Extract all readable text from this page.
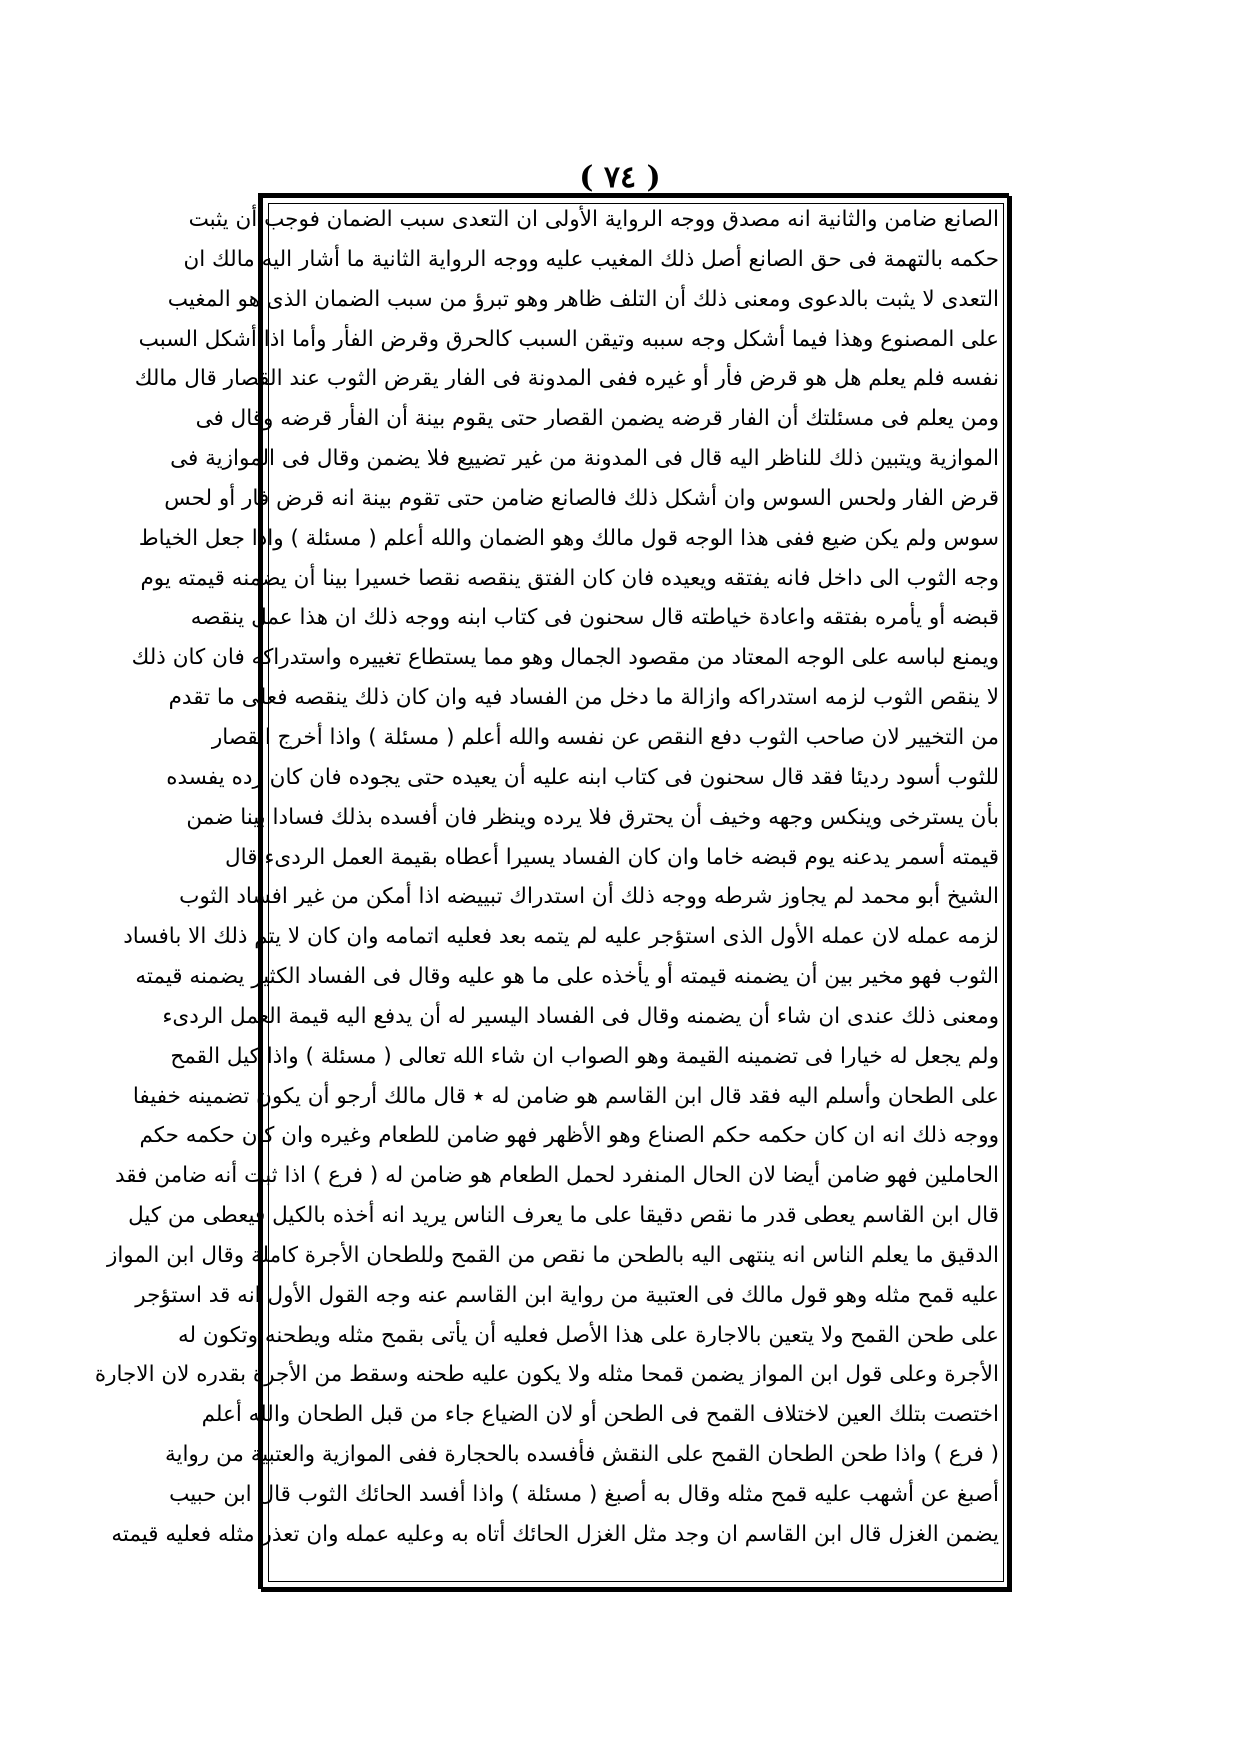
( ٧٤ )
الصانع ضامن والثانية انه مصدق ووجه الرواية الأولى ان التعدى سبب الضمان فوجب أن يثبت
حكمه بالتهمة فى حق الصانع أصل ذلك المغيب عليه ووجه الرواية الثانية ما أشار اليه مالك ان
التعدى لا يثبت بالدعوى ومعنى ذلك أن التلف ظاهر وهو تبرؤ من سبب الضمان الذى هو المغيب
على المصنوع وهذا فيما أشكل وجه سببه وتيقن السبب كالحرق وقرض الفأر وأما اذا أشكل السبب
نفسه فلم يعلم هل هو قرض فأر أو غيره ففى المدونة فى الفار يقرض الثوب عند القصار قال مالك
ومن يعلم فى مسئلتك أن الفار قرضه يضمن القصار حتى يقوم بينة أن الفأر قرضه وقال فى
الموازية ويتبين ذلك للناظر اليه قال فى المدونة من غير تضييع فلا يضمن وقال فى الموازية فى
قرض الفار ولحس السوس وان أشكل ذلك فالصانع ضامن حتى تقوم بينة انه قرض فار أو لحس
سوس ولم يكن ضيع ففى هذا الوجه قول مالك وهو الضمان والله أعلم ( مسئلة ) واذا جعل الخياط
وجه الثوب الى داخل فانه يفتقه ويعيده فان كان الفتق ينقصه نقصا خسيرا بينا أن يضمنه قيمته يوم
قبضه أو يأمره بفتقه واعادة خياطته قال سحنون فى كتاب ابنه ووجه ذلك ان هذا عمل ينقصه
ويمنع لباسه على الوجه المعتاد من مقصود الجمال وهو مما يستطاع تغييره واستدراكه فان كان ذلك
لا ينقص الثوب لزمه استدراكه وازالة ما دخل من الفساد فيه وان كان ذلك ينقصه فعلى ما تقدم
من التخيير لان صاحب الثوب دفع النقص عن نفسه والله أعلم ( مسئلة ) واذا أخرج القصار
للثوب أسود رديئا فقد قال سحنون فى كتاب ابنه عليه أن يعيده حتى يجوده فان كان رده يفسده
بأن يسترخى وينكس وجهه وخيف أن يحترق فلا يرده وينظر فان أفسده بذلك فسادا بينا ضمن
قيمته أسمر يدعنه يوم قبضه خاما وان كان الفساد يسيرا أعطاه بقيمة العمل الردىء قال
الشيخ أبو محمد لم يجاوز شرطه ووجه ذلك أن استدراك تبييضه اذا أمكن من غير افساد الثوب
لزمه عمله لان عمله الأول الذى استؤجر عليه لم يتمه بعد فعليه اتمامه وان كان لا يتم ذلك الا بافساد
الثوب فهو مخير بين أن يضمنه قيمته أو يأخذه على ما هو عليه وقال فى الفساد الكثير يضمنه قيمته
ومعنى ذلك عندى ان شاء أن يضمنه وقال فى الفساد اليسير له أن يدفع اليه قيمة العمل الردىء
ولم يجعل له خيارا فى تضمينه القيمة وهو الصواب ان شاء الله تعالى ( مسئلة ) واذا كيل القمح
على الطحان وأسلم اليه فقد قال ابن القاسم هو ضامن له ٭ قال مالك أرجو أن يكون تضمينه خفيفا
ووجه ذلك انه ان كان حكمه حكم الصناع وهو الأظهر فهو ضامن للطعام وغيره وان كان حكمه حكم
الحاملين فهو ضامن أيضا لان الحال المنفرد لحمل الطعام هو ضامن له ( فرع ) اذا ثبت أنه ضامن فقد
قال ابن القاسم يعطى قدر ما نقص دقيقا على ما يعرف الناس يريد انه أخذه بالكيل فيعطى من كيل
الدقيق ما يعلم الناس انه ينتهى اليه بالطحن ما نقص من القمح وللطحان الأجرة كاملة وقال ابن المواز
عليه قمح مثله وهو قول مالك فى العتبية من رواية ابن القاسم عنه وجه القول الأول انه قد استؤجر
على طحن القمح ولا يتعين بالاجارة على هذا الأصل فعليه أن يأتى بقمح مثله ويطحنه وتكون له
الأجرة وعلى قول ابن المواز يضمن قمحا مثله ولا يكون عليه طحنه وسقط من الأجرة بقدره لان الاجارة
اختصت بتلك العين لاختلاف القمح فى الطحن أو لان الضياع جاء من قبل الطحان والله أعلم
( فرع ) واذا طحن الطحان القمح على النقش فأفسده بالحجارة ففى الموازية والعتبية من رواية
أصبغ عن أشهب عليه قمح مثله وقال به أصبغ ( مسئلة ) واذا أفسد الحائك الثوب قال ابن حبيب
يضمن الغزل قال ابن القاسم ان وجد مثل الغزل الحائك أتاه به وعليه عمله وان تعذر مثله فعليه قيمته
